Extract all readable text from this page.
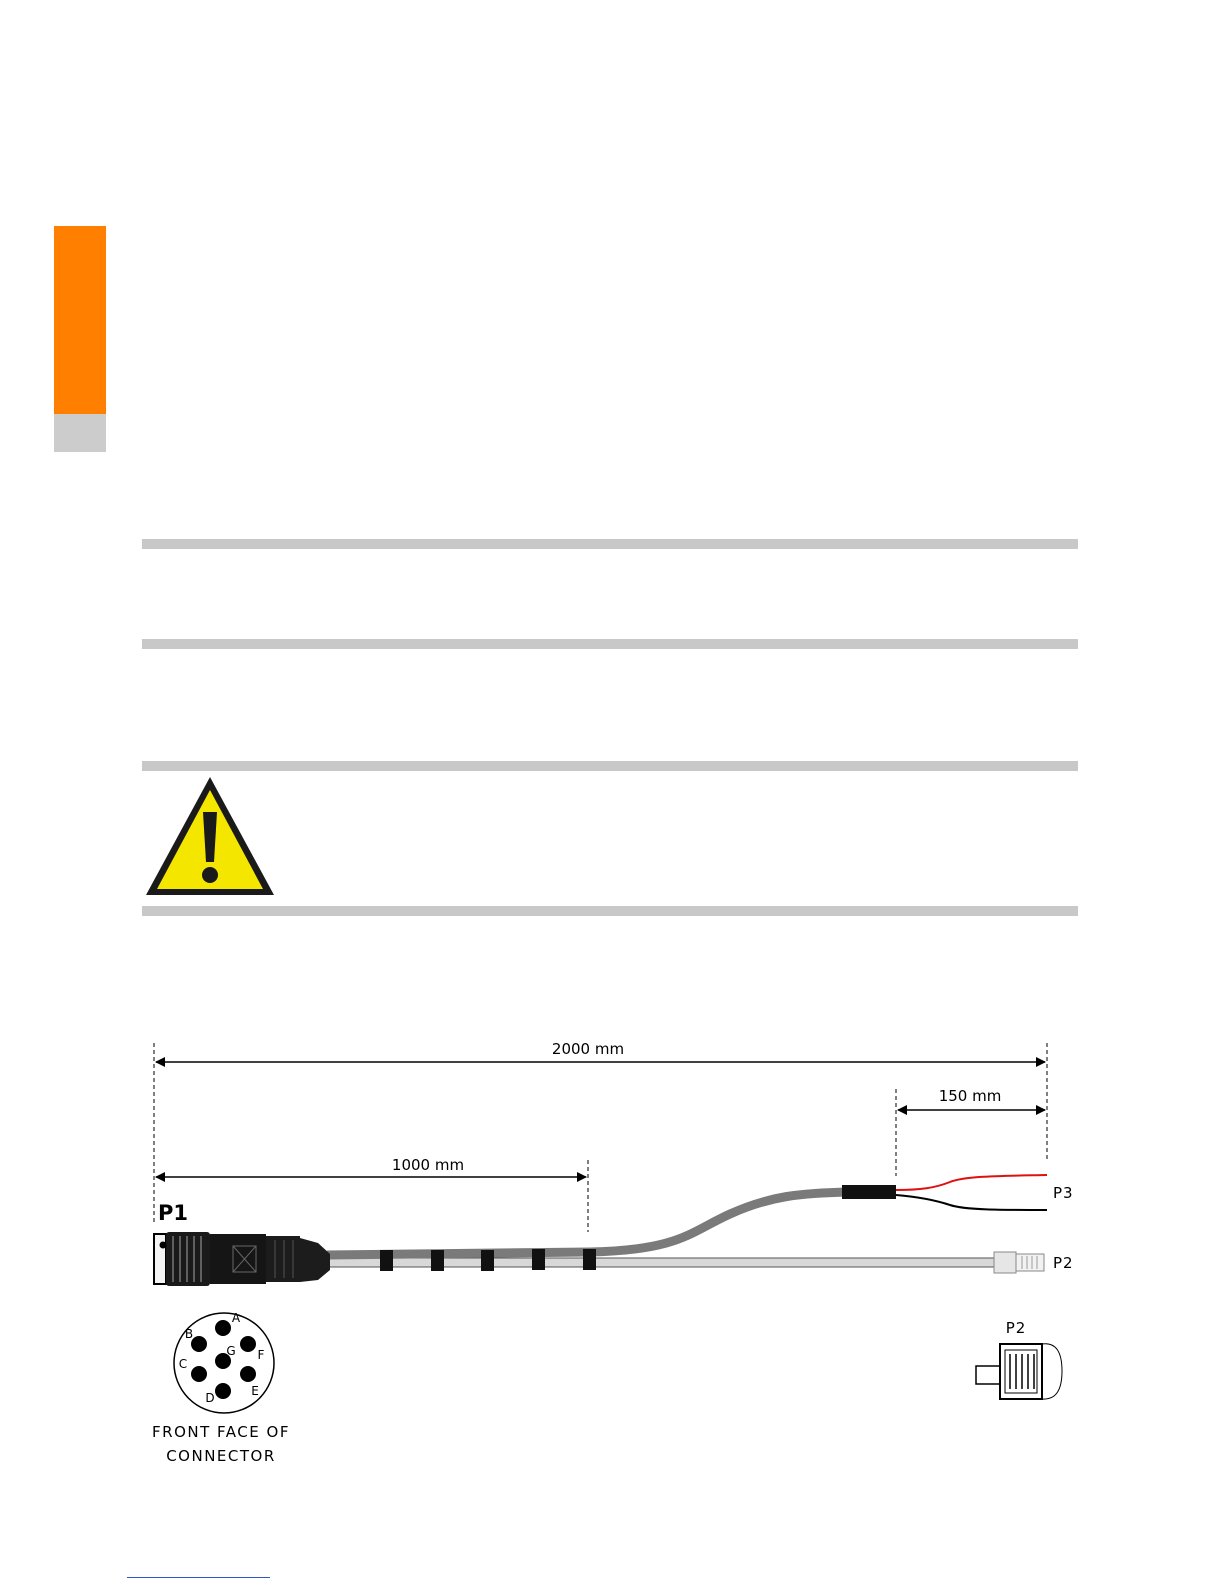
2000 mm
150 mm
1000 mm
P1
P3
P2
A
B
G F
C
E
D
FRONT FACE OF
CONNECTOR
P2
